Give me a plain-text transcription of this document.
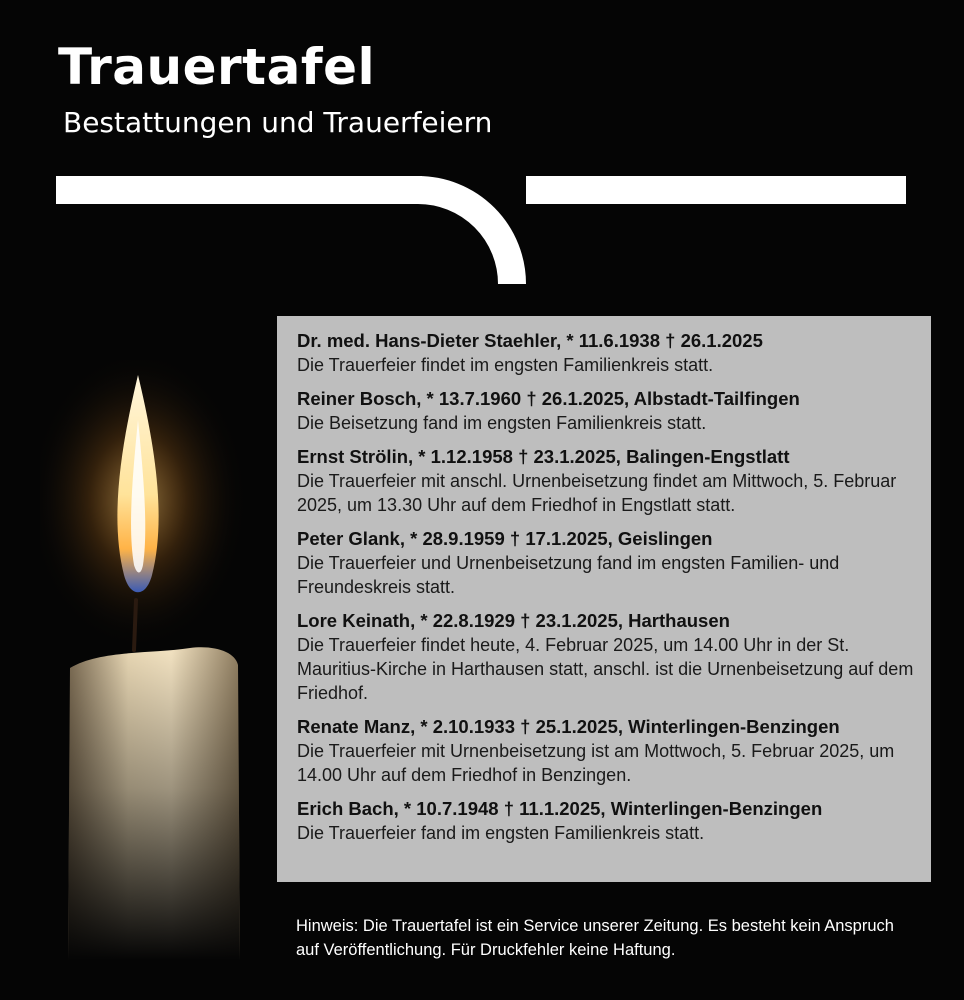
Trauertafel
Bestattungen und Trauerfeiern
Dr. med. Hans-Dieter Staehler, * 11.6.1938 † 26.1.2025
Die Trauerfeier findet im engsten Familienkreis statt.
Reiner Bosch, * 13.7.1960 † 26.1.2025, Albstadt-Tailfingen
Die Beisetzung fand im engsten Familienkreis statt.
Ernst Strölin, * 1.12.1958 † 23.1.2025, Balingen-Engstlatt
Die Trauerfeier mit anschl. Urnenbeisetzung findet am Mittwoch, 5. Februar 2025, um 13.30 Uhr auf dem Friedhof in Engstlatt statt.
Peter Glank, * 28.9.1959 † 17.1.2025, Geislingen
Die Trauerfeier und Urnenbeisetzung fand im engsten Familien- und Freundeskreis statt.
Lore Keinath, * 22.8.1929 † 23.1.2025, Harthausen
Die Trauerfeier findet heute, 4. Februar 2025, um 14.00 Uhr in der St. Mauritius-Kirche in Harthausen statt, anschl. ist die Urnenbeisetzung auf dem Friedhof.
Renate Manz, * 2.10.1933 † 25.1.2025, Winterlingen-Benzingen
Die Trauerfeier mit Urnenbeisetzung ist am Mottwoch, 5. Februar 2025, um 14.00 Uhr auf dem Friedhof in Benzingen.
Erich Bach, * 10.7.1948 † 11.1.2025, Winterlingen-Benzingen
Die Trauerfeier fand im engsten Familienkreis statt.
Hinweis: Die Trauertafel ist ein Service unserer Zeitung. Es besteht kein Anspruch auf Veröffentlichung. Für Druckfehler keine Haftung.
